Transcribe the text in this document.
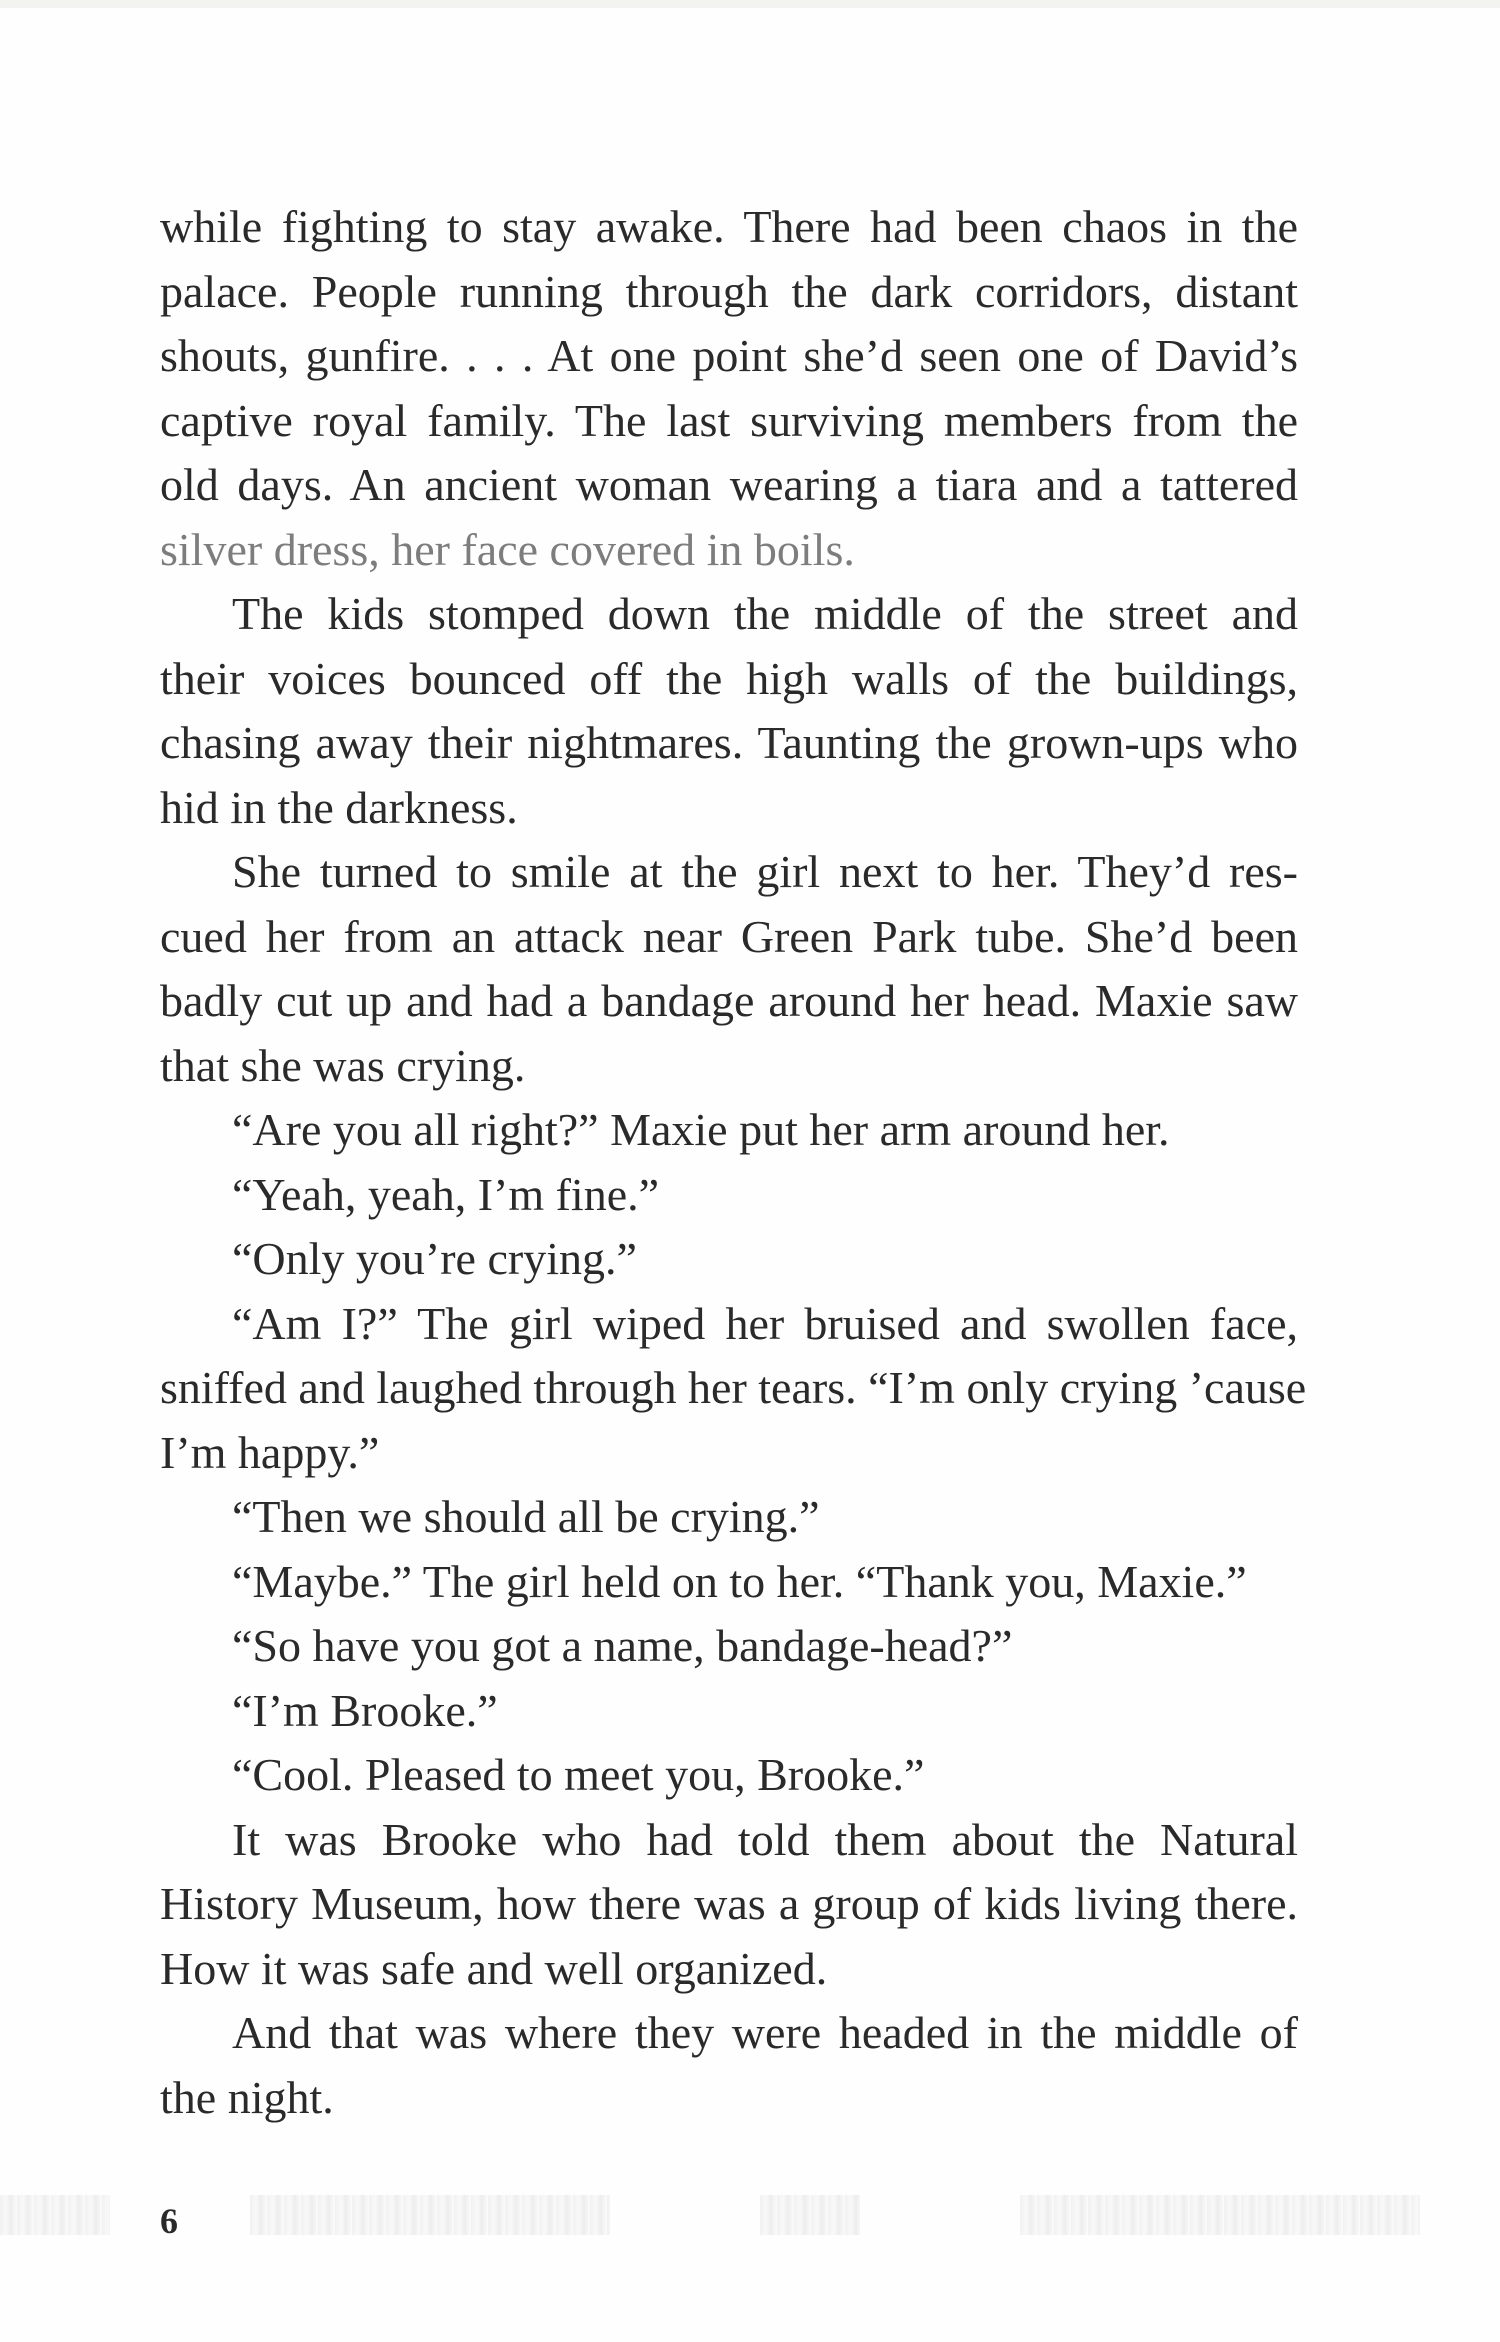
while fighting to stay awake. There had been chaos in the
palace. People running through the dark corridors, distant
shouts, gunfire. . . . At one point she’d seen one of David’s
captive royal family. The last surviving members from the
old days. An ancient woman wearing a tiara and a tattered
silver dress, her face covered in boils.
The kids stomped down the middle of the street and
their voices bounced off the high walls of the buildings,
chasing away their nightmares. Taunting the grown-ups who
hid in the darkness.
She turned to smile at the girl next to her. They’d res-
cued her from an attack near Green Park tube. She’d been
badly cut up and had a bandage around her head. Maxie saw
that she was crying.
“Are you all right?” Maxie put her arm around her.
“Yeah, yeah, I’m fine.”
“Only you’re crying.”
“Am I?” The girl wiped her bruised and swollen face,
sniffed and laughed through her tears. “I’m only crying ’cause
I’m happy.”
“Then we should all be crying.”
“Maybe.” The girl held on to her. “Thank you, Maxie.”
“So have you got a name, bandage-head?”
“I’m Brooke.”
“Cool. Pleased to meet you, Brooke.”
It was Brooke who had told them about the Natural
History Museum, how there was a group of kids living there.
How it was safe and well organized.
And that was where they were headed in the middle of
the night.
6
